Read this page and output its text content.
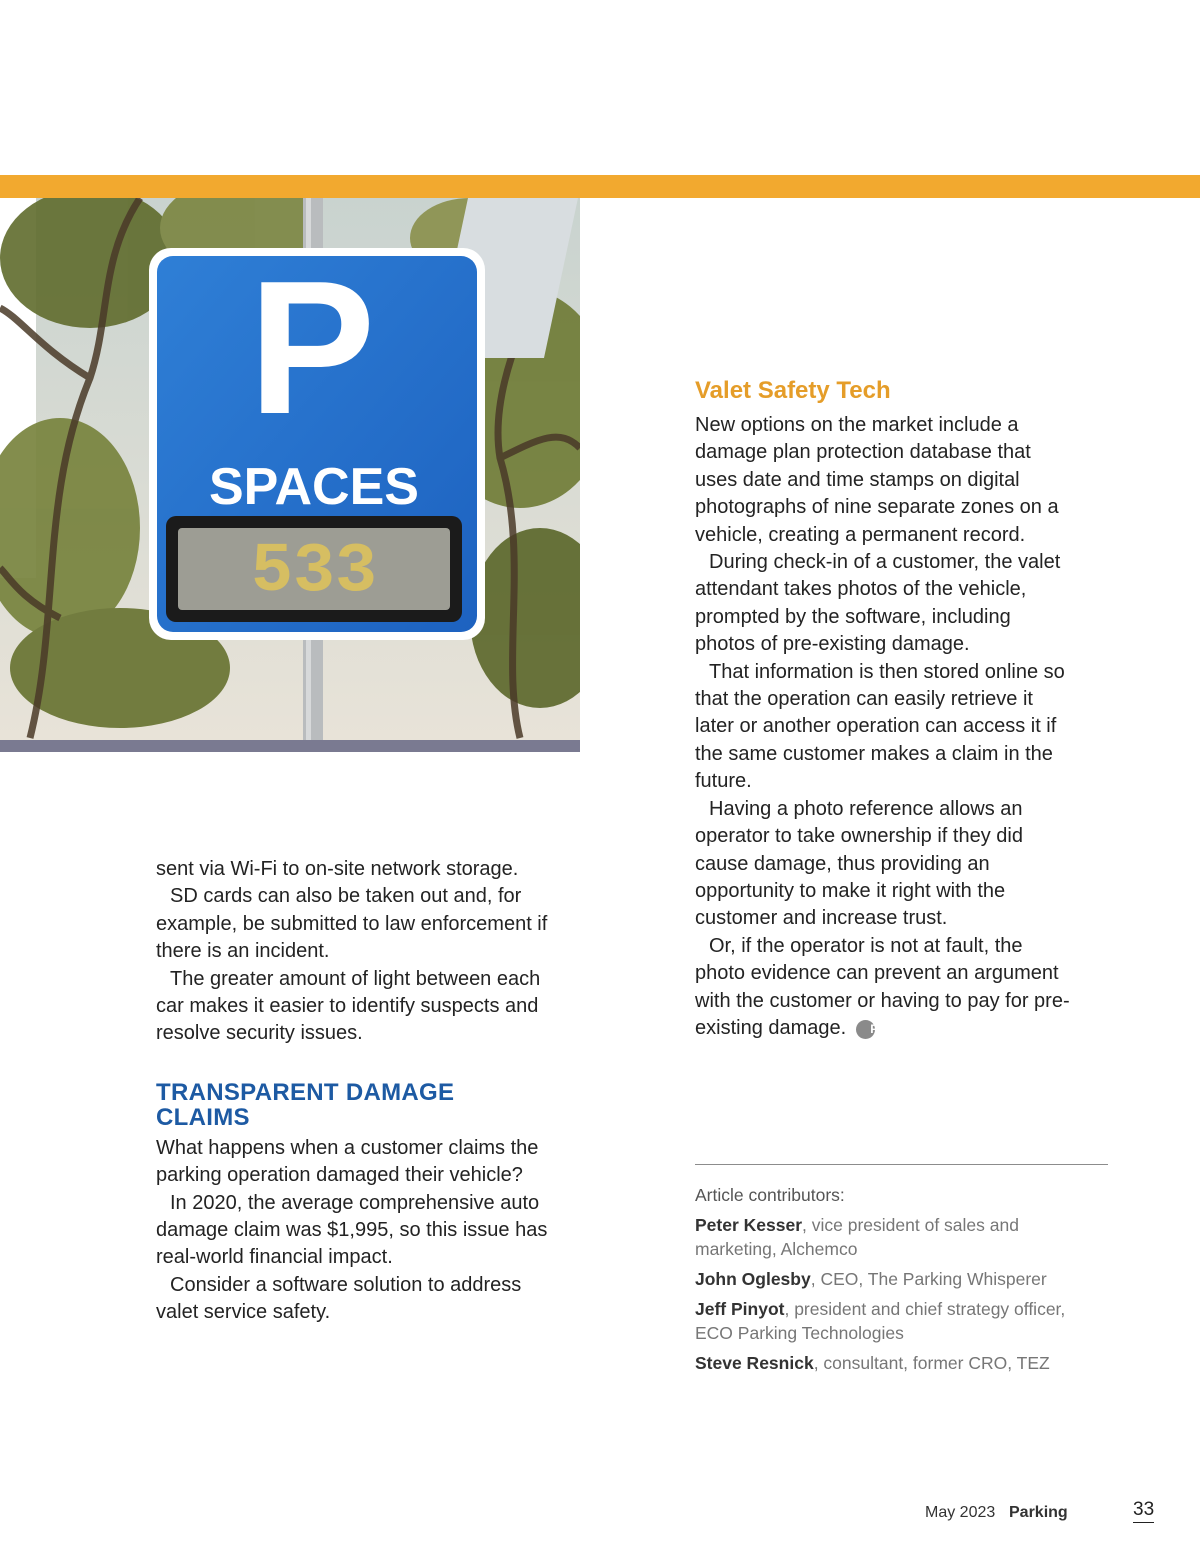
P
SPACES
533

sent via Wi-Fi to on-site network storage.

SD cards can also be taken out and, for example, be submitted to law enforcement if there is an incident.

The greater amount of light between each car makes it easier to identify suspects and resolve security issues.

TRANSPARENT DAMAGE CLAIMS

What happens when a customer claims the parking operation damaged their vehicle?

In 2020, the average comprehensive auto damage claim was $1,995, so this issue has real-world financial impact.

Consider a software solution to address valet service safety.

Valet Safety Tech

New options on the market include a damage plan protection database that uses date and time stamps on digital photographs of nine separate zones on a vehicle, creating a permanent record.

During check-in of a customer, the valet attendant takes photos of the vehicle, prompted by the software, including photos of pre-existing damage.

That information is then stored online so that the operation can easily retrieve it later or another operation can access it if the same customer makes a claim in the future.

Having a photo reference allows an operator to take ownership if they did cause damage, thus providing an opportunity to make it right with the customer and increase trust.

Or, if the operator is not at fault, the photo evidence can prevent an argument with the customer or having to pay for pre-existing damage. P

Article contributors:

Peter Kesser, vice president of sales and marketing, Alchemco

John Oglesby, CEO, The Parking Whisperer

Jeff Pinyot, president and chief strategy officer, ECO Parking Technologies

Steve Resnick, consultant, former CRO, TEZ

May 2023 Parking	33
